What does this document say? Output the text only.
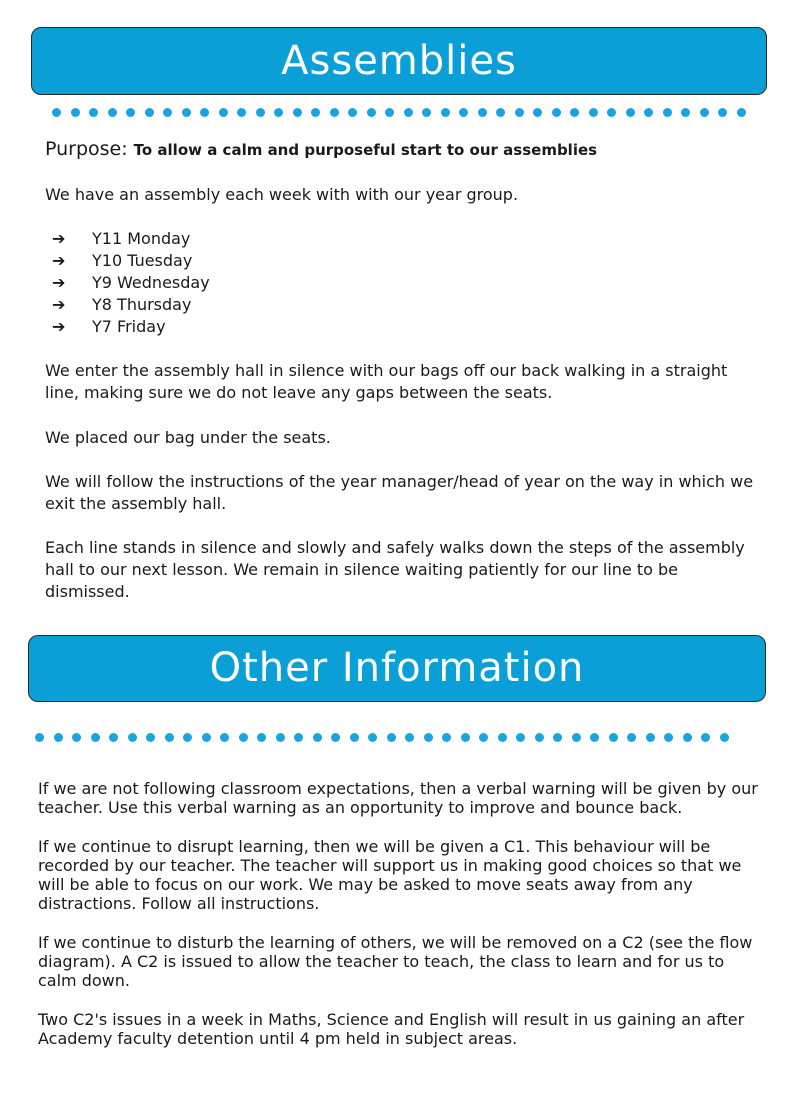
Assemblies

Purpose: To allow a calm and purposeful start to our assemblies

We have an assembly each week with with our year group.

➔ Y11 Monday
➔ Y10 Tuesday
➔ Y9 Wednesday
➔ Y8 Thursday
➔ Y7 Friday

We enter the assembly hall in silence with our bags off our back walking in a straight line, making sure we do not leave any gaps between the seats.

We placed our bag under the seats.

We will follow the instructions of the year manager/head of year on the way in which we exit the assembly hall.

Each line stands in silence and slowly and safely walks down the steps of the assembly hall to our next lesson. We remain in silence waiting patiently for our line to be dismissed.

Other Information

If we are not following classroom expectations, then a verbal warning will be given by our teacher. Use this verbal warning as an opportunity to improve and bounce back.

If we continue to disrupt learning, then we will be given a C1. This behaviour will be recorded by our teacher. The teacher will support us in making good choices so that we will be able to focus on our work. We may be asked to move seats away from any distractions. Follow all instructions.

If we continue to disturb the learning of others, we will be removed on a C2 (see the flow diagram). A C2 is issued to allow the teacher to teach, the class to learn and for us to calm down.

Two C2's issues in a week in Maths, Science and English will result in us gaining an after Academy faculty detention until 4 pm held in subject areas.
